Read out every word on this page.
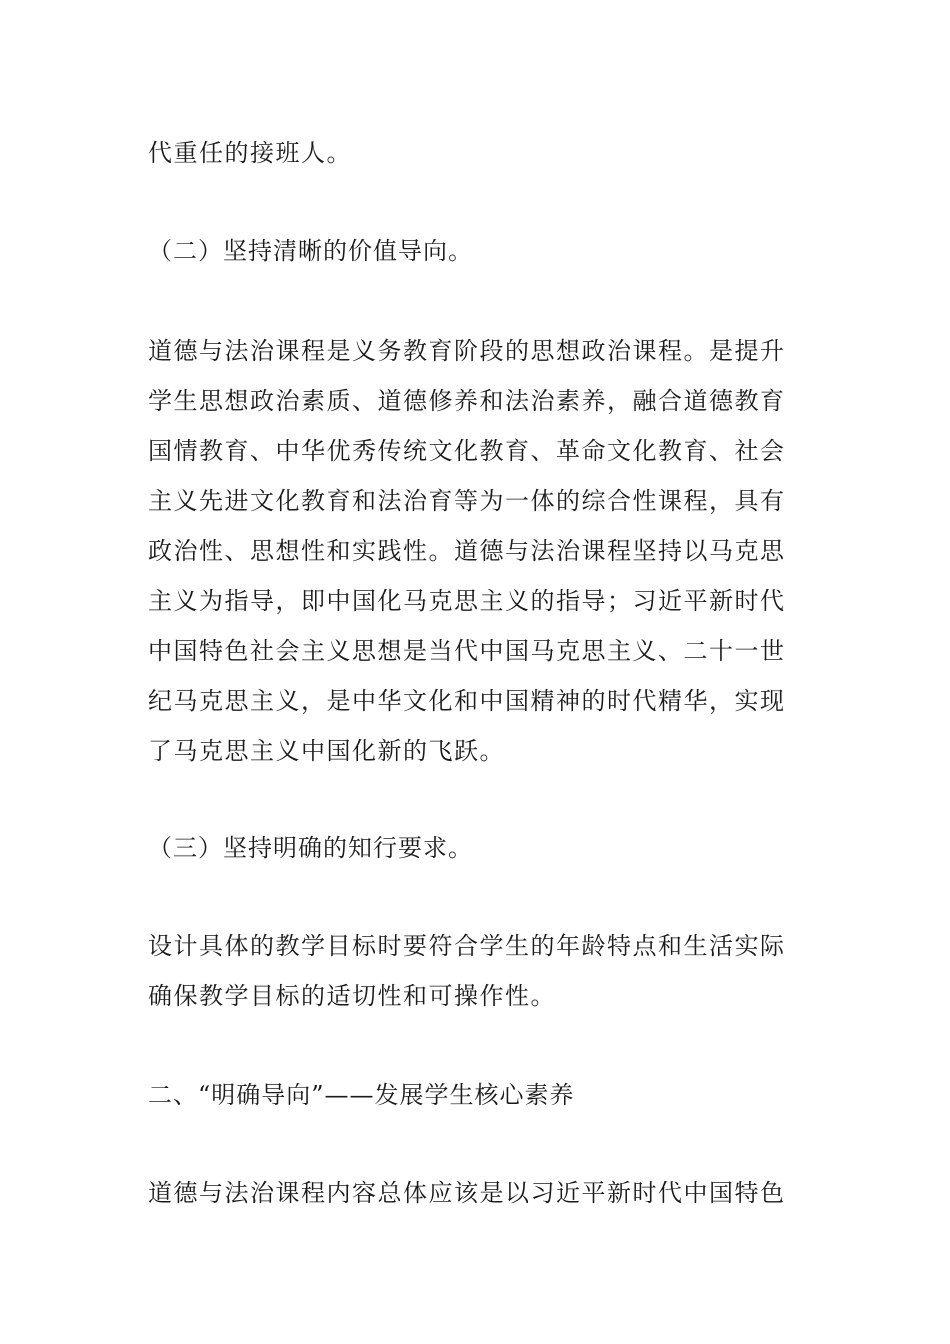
代重任的接班人。

（二）坚持清晰的价值导向。

道德与法治课程是义务教育阶段的思想政治课程。是提升
学生思想政治素质、道德修养和法治素养，融合道德教育
国情教育、中华优秀传统文化教育、革命文化教育、社会
主义先进文化教育和法治育等为一体的综合性课程，具有
政治性、思想性和实践性。道德与法治课程坚持以马克思
主义为指导，即中国化马克思主义的指导；习近平新时代
中国特色社会主义思想是当代中国马克思主义、二十一世
纪马克思主义，是中华文化和中国精神的时代精华，实现
了马克思主义中国化新的飞跃。

（三）坚持明确的知行要求。

设计具体的教学目标时要符合学生的年龄特点和生活实际
确保教学目标的适切性和可操作性。

二、“明确导向”——发展学生核心素养

道德与法治课程内容总体应该是以习近平新时代中国特色
